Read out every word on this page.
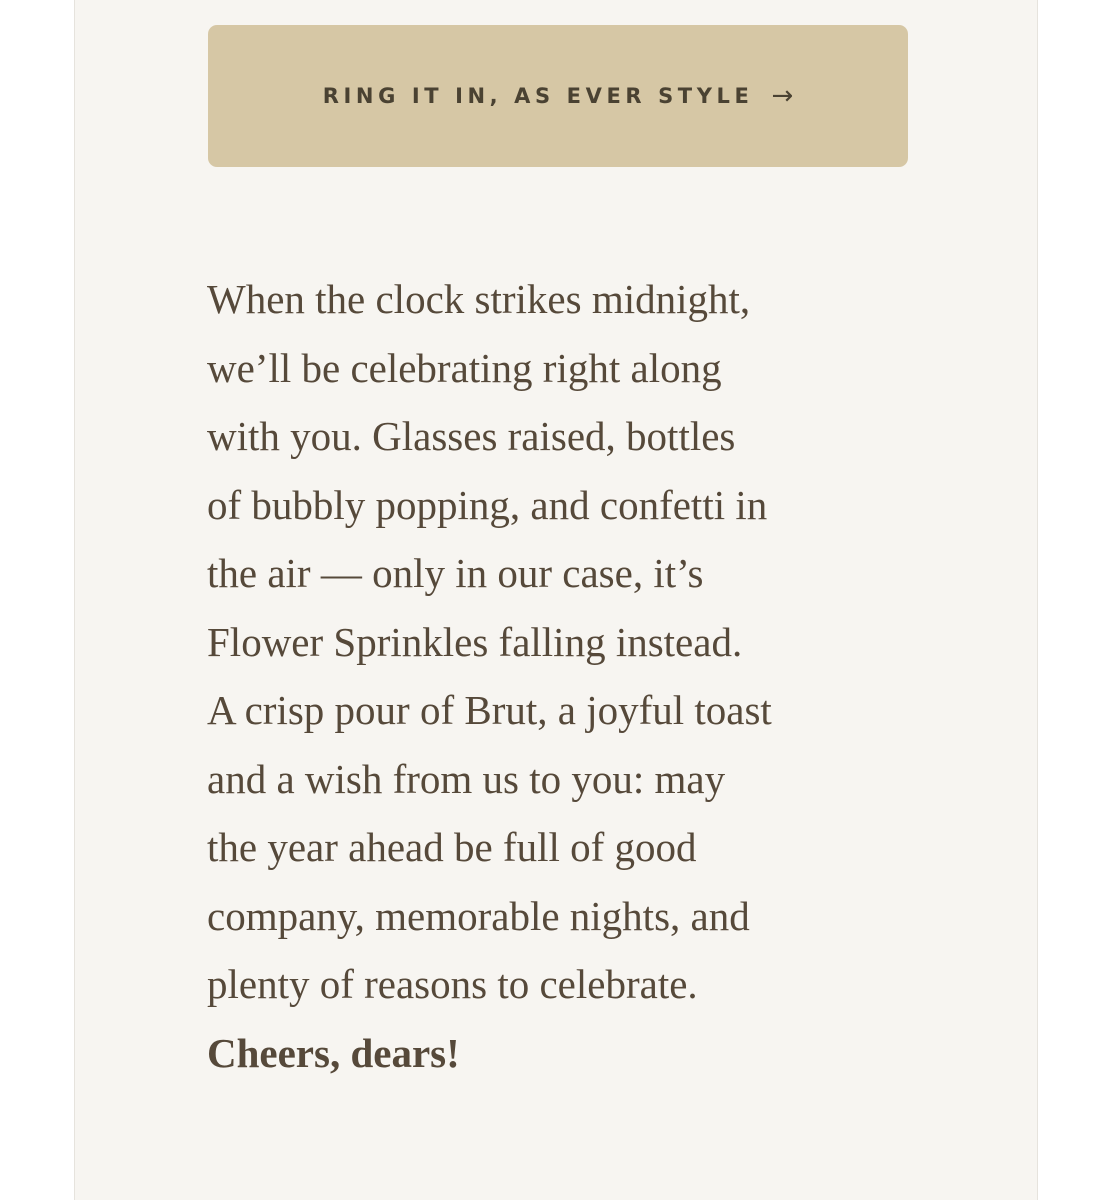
RING IT IN, AS EVER STYLE →

When the clock strikes midnight,
we’ll be celebrating right along
with you. Glasses raised, bottles
of bubbly popping, and confetti in
the air — only in our case, it’s
Flower Sprinkles falling instead.
A crisp pour of Brut, a joyful toast
and a wish from us to you: may
the year ahead be full of good
company, memorable nights, and
plenty of reasons to celebrate.
Cheers, dears!
